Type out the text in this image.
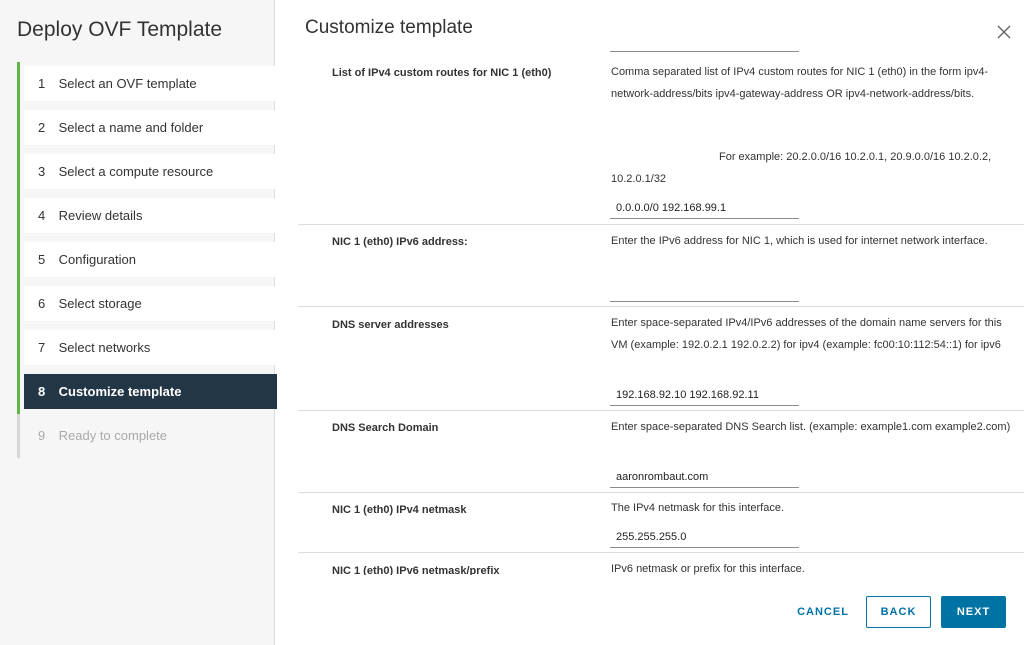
Deploy OVF Template
1 Select an OVF template
2 Select a name and folder
3 Select a compute resource
4 Review details
5 Configuration
6 Select storage
7 Select networks
8 Customize template
9 Ready to complete
Customize template
List of IPv4 custom routes for NIC 1 (eth0)	Comma separated list of IPv4 custom routes for NIC 1 (eth0) in the form ipv4-network-address/bits ipv4-gateway-address OR ipv4-network-address/bits.
For example: 20.2.0.0/16 10.2.0.1, 20.9.0.0/16 10.2.0.2, 10.2.0.1/32
0.0.0.0/0 192.168.99.1
NIC 1 (eth0) IPv6 address:	Enter the IPv6 address for NIC 1, which is used for internet network interface.
DNS server addresses	Enter space-separated IPv4/IPv6 addresses of the domain name servers for this VM (example: 192.0.2.1 192.0.2.2) for ipv4 (example: fc00:10:112:54::1) for ipv6
192.168.92.10 192.168.92.11
DNS Search Domain	Enter space-separated DNS Search list. (example: example1.com example2.com)
aaronrombaut.com
NIC 1 (eth0) IPv4 netmask	The IPv4 netmask for this interface.
255.255.255.0
NIC 1 (eth0) IPv6 netmask/prefix	IPv6 netmask or prefix for this interface.
CANCEL	BACK	NEXT
